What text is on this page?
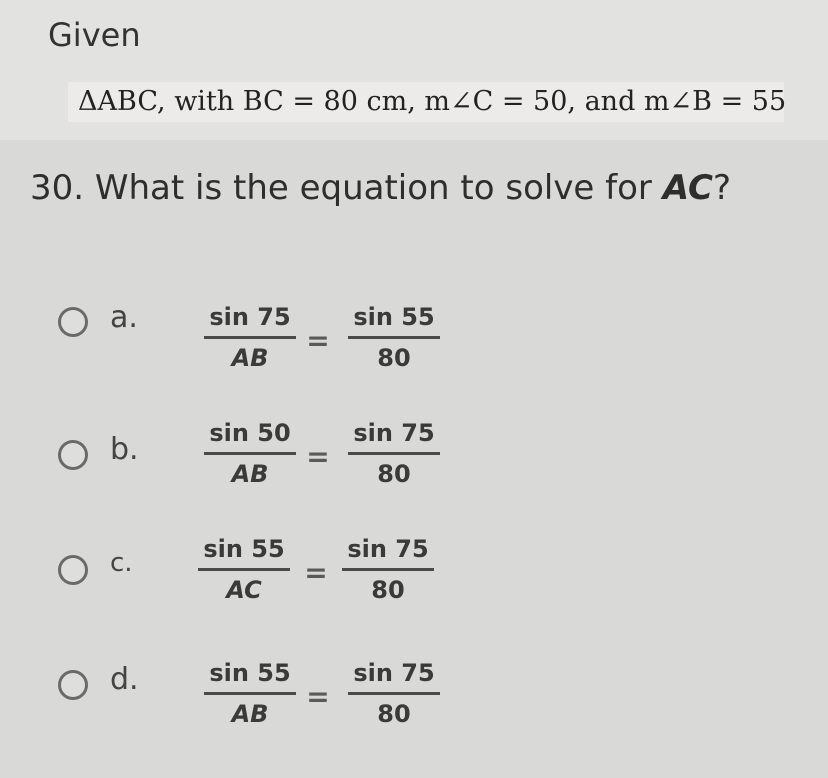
Given
ΔABC, with BC = 80 cm, m∠C = 50, and m∠B = 55
30. What is the equation to solve for AC?
a.	sin 75
AB
=
sin 55
80
b.	sin 50
AB
=
sin 75
80
c.	sin 55
AC
=
sin 75
80
d.	sin 55
AB
=
sin 75
80
